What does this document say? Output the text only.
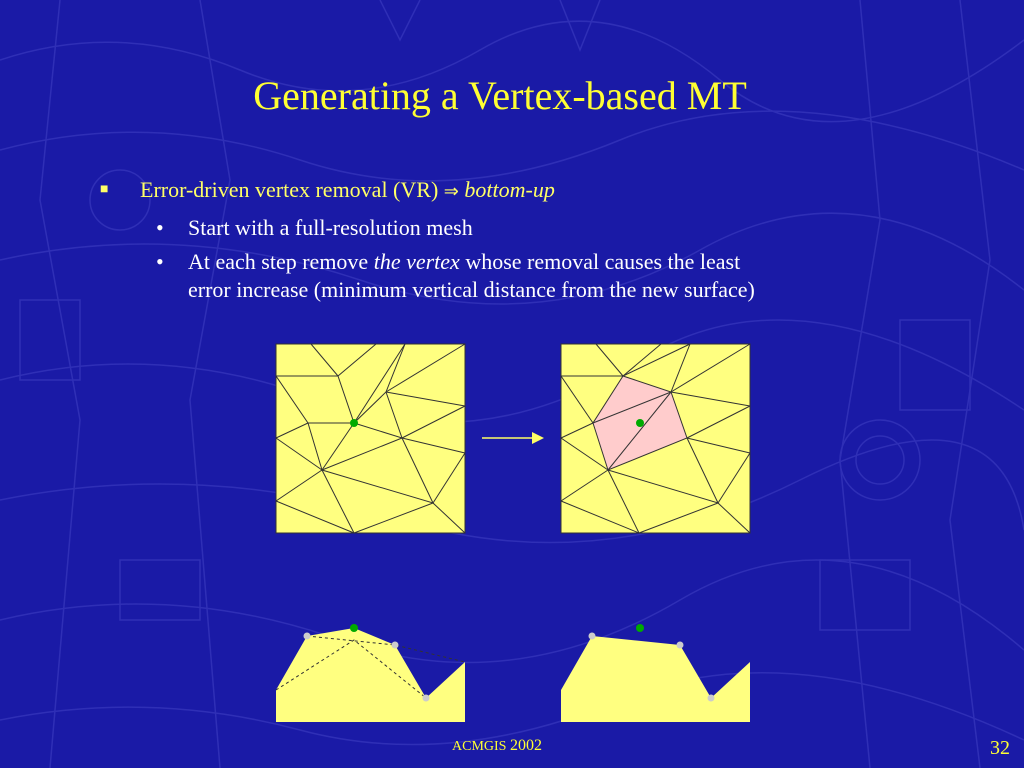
Generating a Vertex-based MT
■ Error-driven vertex removal (VR) ⇒ bottom-up
• Start with a full-resolution mesh
• At each step remove the vertex whose removal causes the least
error increase (minimum vertical distance from the new surface)
ACMGIS 2002	32
